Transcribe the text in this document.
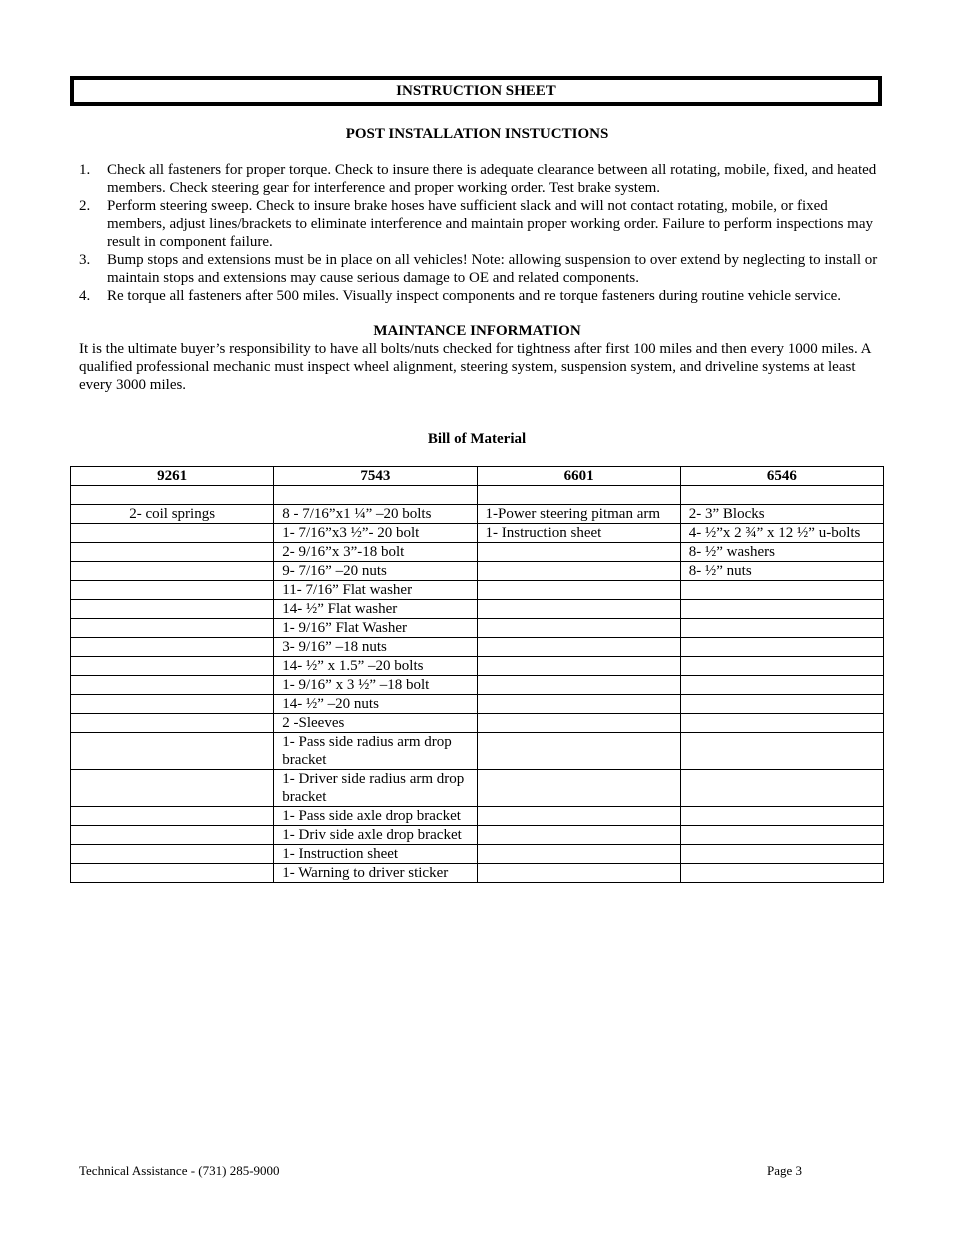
INSTRUCTION SHEET
POST INSTALLATION INSTUCTIONS
1. Check all fasteners for proper torque. Check to insure there is adequate clearance between all rotating, mobile, fixed, and heated members. Check steering gear for interference and proper working order. Test brake system.
2. Perform steering sweep. Check to insure brake hoses have sufficient slack and will not contact rotating, mobile, or fixed members, adjust lines/brackets to eliminate interference and maintain proper working order. Failure to perform inspections may result in component failure.
3. Bump stops and extensions must be in place on all vehicles! Note: allowing suspension to over extend by neglecting to install or maintain stops and extensions may cause serious damage to OE and related components.
4. Re torque all fasteners after 500 miles. Visually inspect components and re torque fasteners during routine vehicle service.
MAINTANCE INFORMATION

It is the ultimate buyer’s responsibility to have all bolts/nuts checked for tightness after first 100 miles and then every 1000 miles. A qualified professional mechanic must inspect wheel alignment, steering system, suspension system, and driveline systems at least every 3000 miles.

Bill of Material
9261	7543	6601	6546

2- coil springs	8 - 7/16”x1 ¼” –20 bolts	1-Power steering pitman arm	2- 3” Blocks
	1- 7/16”x3 ½”- 20 bolt	1- Instruction sheet	4- ½”x 2 ¾” x 12 ½” u-bolts
	2- 9/16”x 3”-18 bolt		8- ½” washers
	9- 7/16” –20 nuts		8- ½” nuts
	11- 7/16” Flat washer		
	14- ½” Flat washer		
	1- 9/16” Flat Washer		
	3- 9/16” –18 nuts		
	14- ½” x 1.5” –20 bolts		
	1- 9/16” x 3 ½” –18 bolt		
	14- ½” –20 nuts		
	2 -Sleeves		
	1- Pass side radius arm drop bracket		
	1- Driver side radius arm drop bracket		
	1- Pass side axle drop bracket		
	1- Driv side axle drop bracket		
	1- Instruction sheet		
	1- Warning to driver sticker		
Technical Assistance - (731) 285-9000	Page 3
